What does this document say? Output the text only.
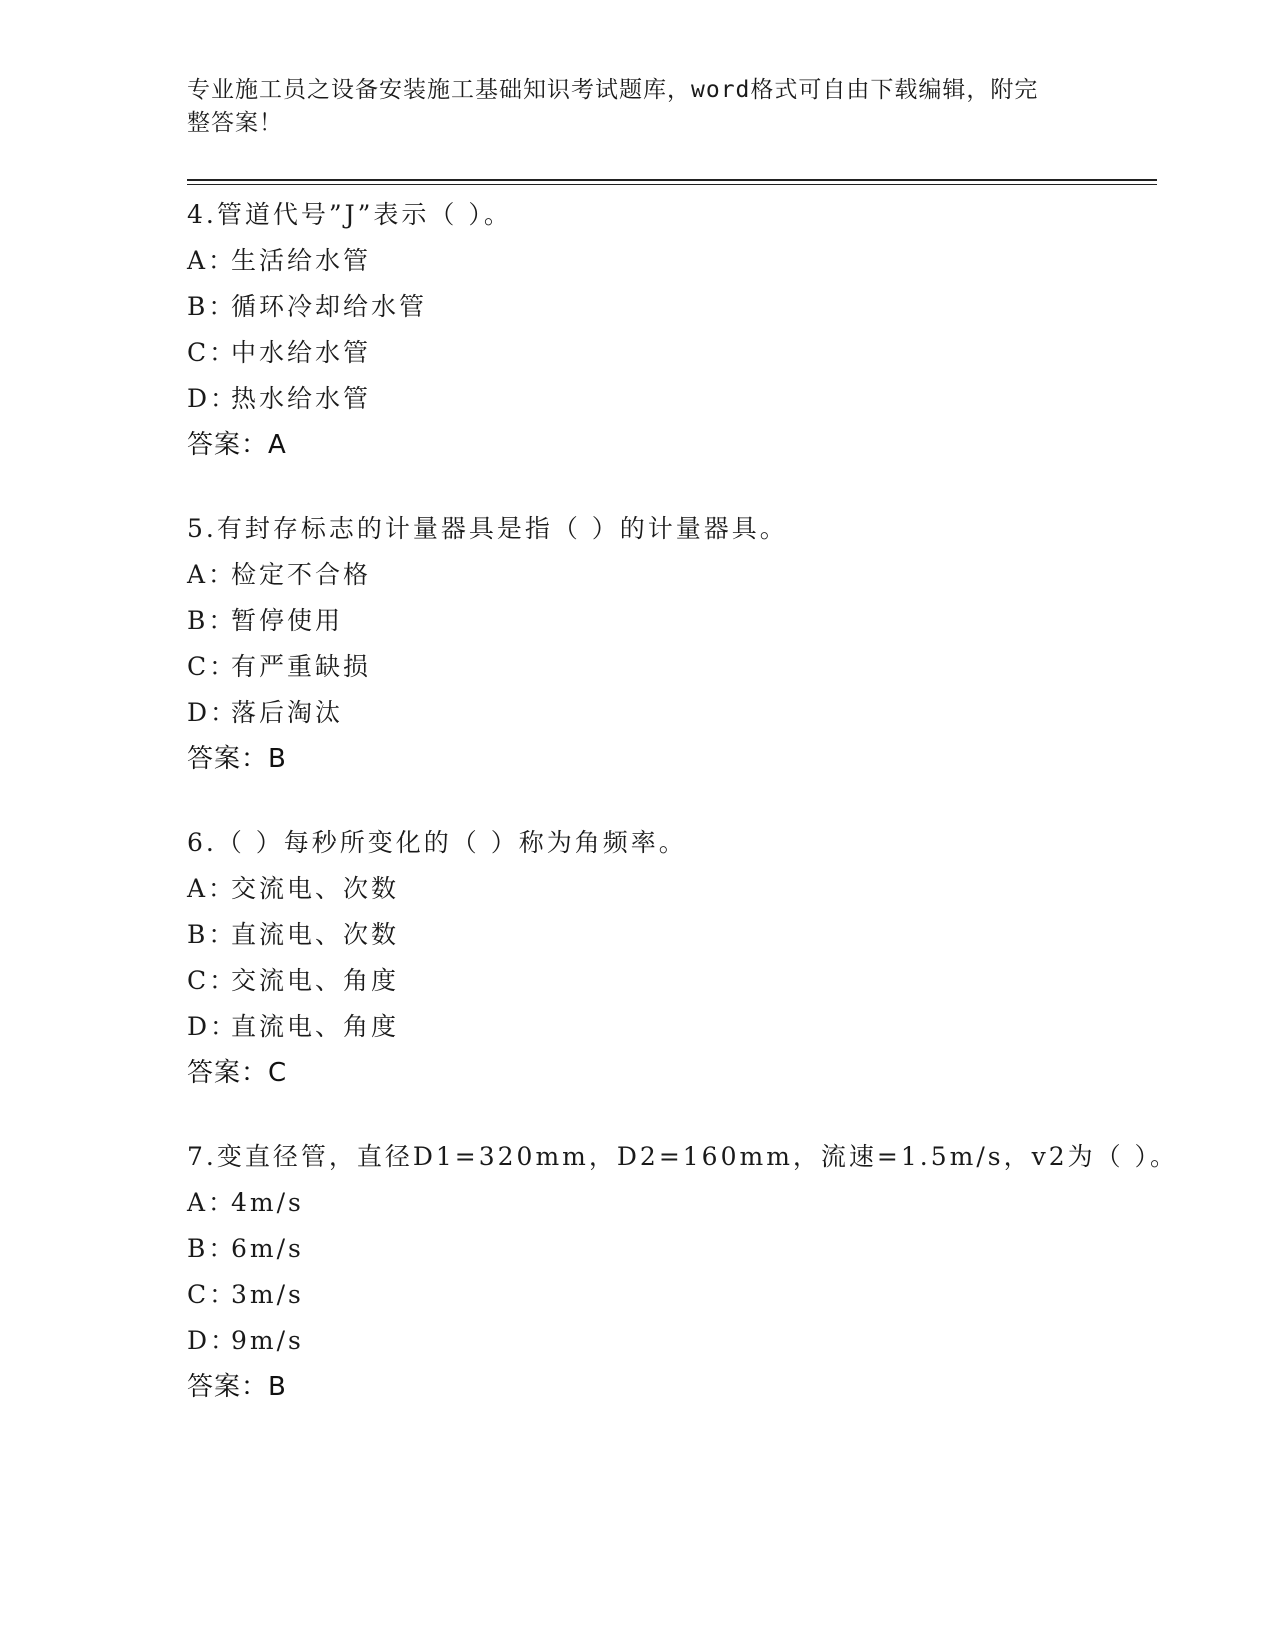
专业施工员之设备安装施工基础知识考试题库，word格式可自由下载编辑，附完
整答案！
4.管道代号”J”表示（ ）。
A：生活给水管
B：循环冷却给水管
C：中水给水管
D：热水给水管
答案：A
5.有封存标志的计量器具是指（ ）的计量器具。
A：检定不合格
B：暂停使用
C：有严重缺损
D：落后淘汰
答案：B
6.（ ）每秒所变化的（ ）称为角频率。
A：交流电、次数
B：直流电、次数
C：交流电、角度
D：直流电、角度
答案：C
7.变直径管，直径D1=320mm，D2=160mm，流速=1.5m/s，v2为（ ）。
A：4m/s
B：6m/s
C：3m/s
D：9m/s
答案：B
